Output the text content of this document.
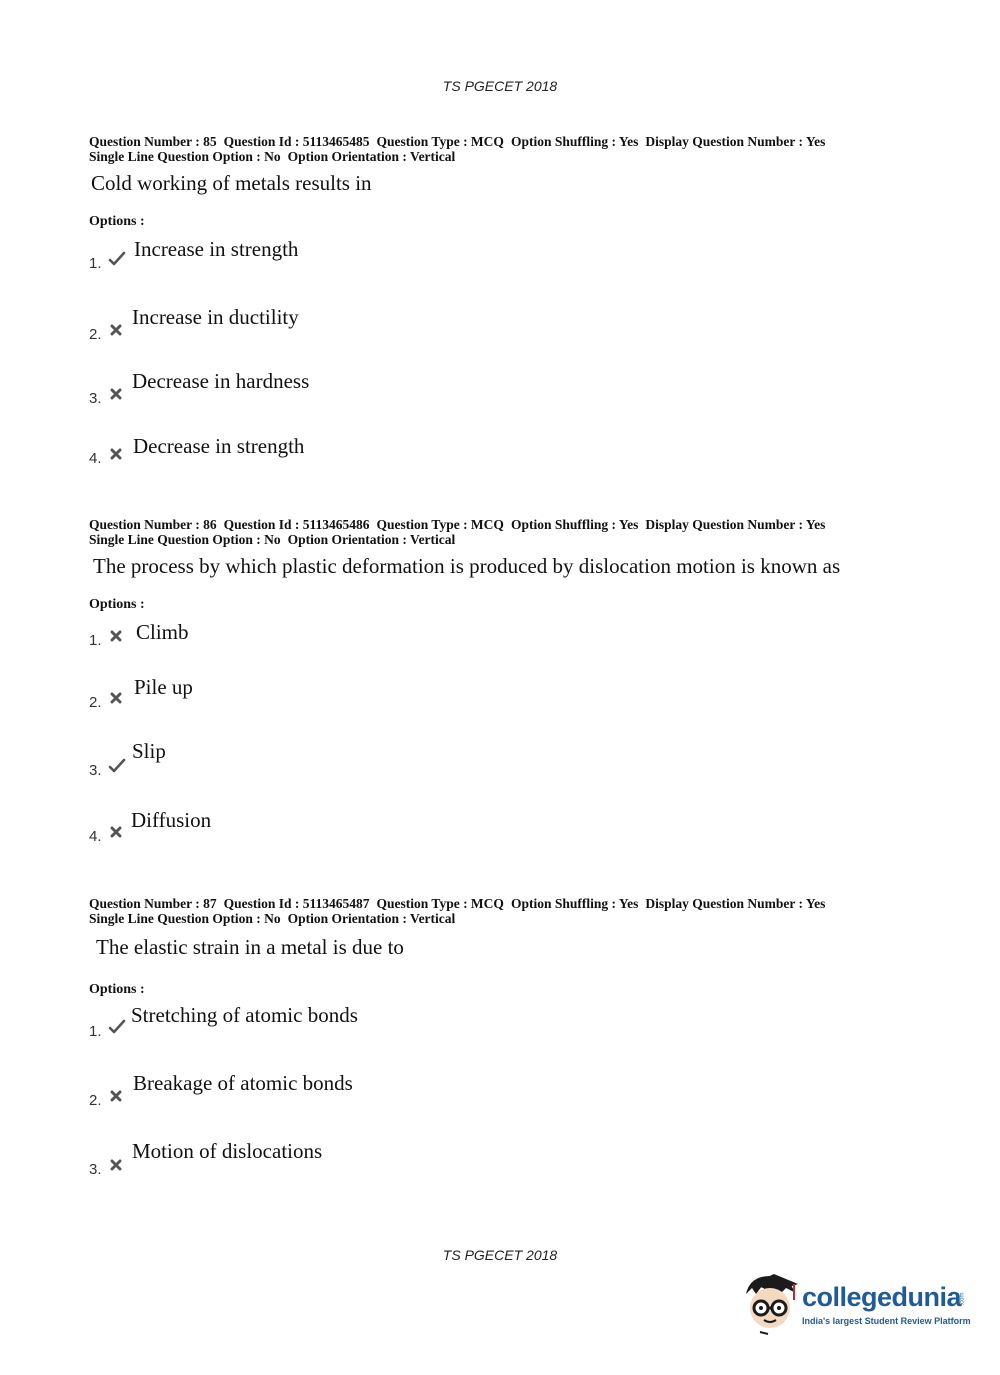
TS PGECET 2018
Question Number : 85 Question Id : 5113465485 Question Type : MCQ Option Shuffling : Yes Display Question Number : Yes
Single Line Question Option : No Option Orientation : Vertical
Cold working of metals results in
Options :
1.
Increase in strength
2.
Increase in ductility
3.
Decrease in hardness
4.
Decrease in strength
Question Number : 86 Question Id : 5113465486 Question Type : MCQ Option Shuffling : Yes Display Question Number : Yes
Single Line Question Option : No Option Orientation : Vertical
The process by which plastic deformation is produced by dislocation motion is known as
Options :
1. Climb
2.
Pile up
3.
Slip
4.
Diffusion
Question Number : 87 Question Id : 5113465487 Question Type : MCQ Option Shuffling : Yes Display Question Number : Yes
Single Line Question Option : No Option Orientation : Vertical
The elastic strain in a metal is due to
Options :
1.
Stretching of atomic bonds
2.
Breakage of atomic bonds
3.
Motion of dislocations
TS PGECET 2018
collegedunia
.com
India's largest Student Review Platform
